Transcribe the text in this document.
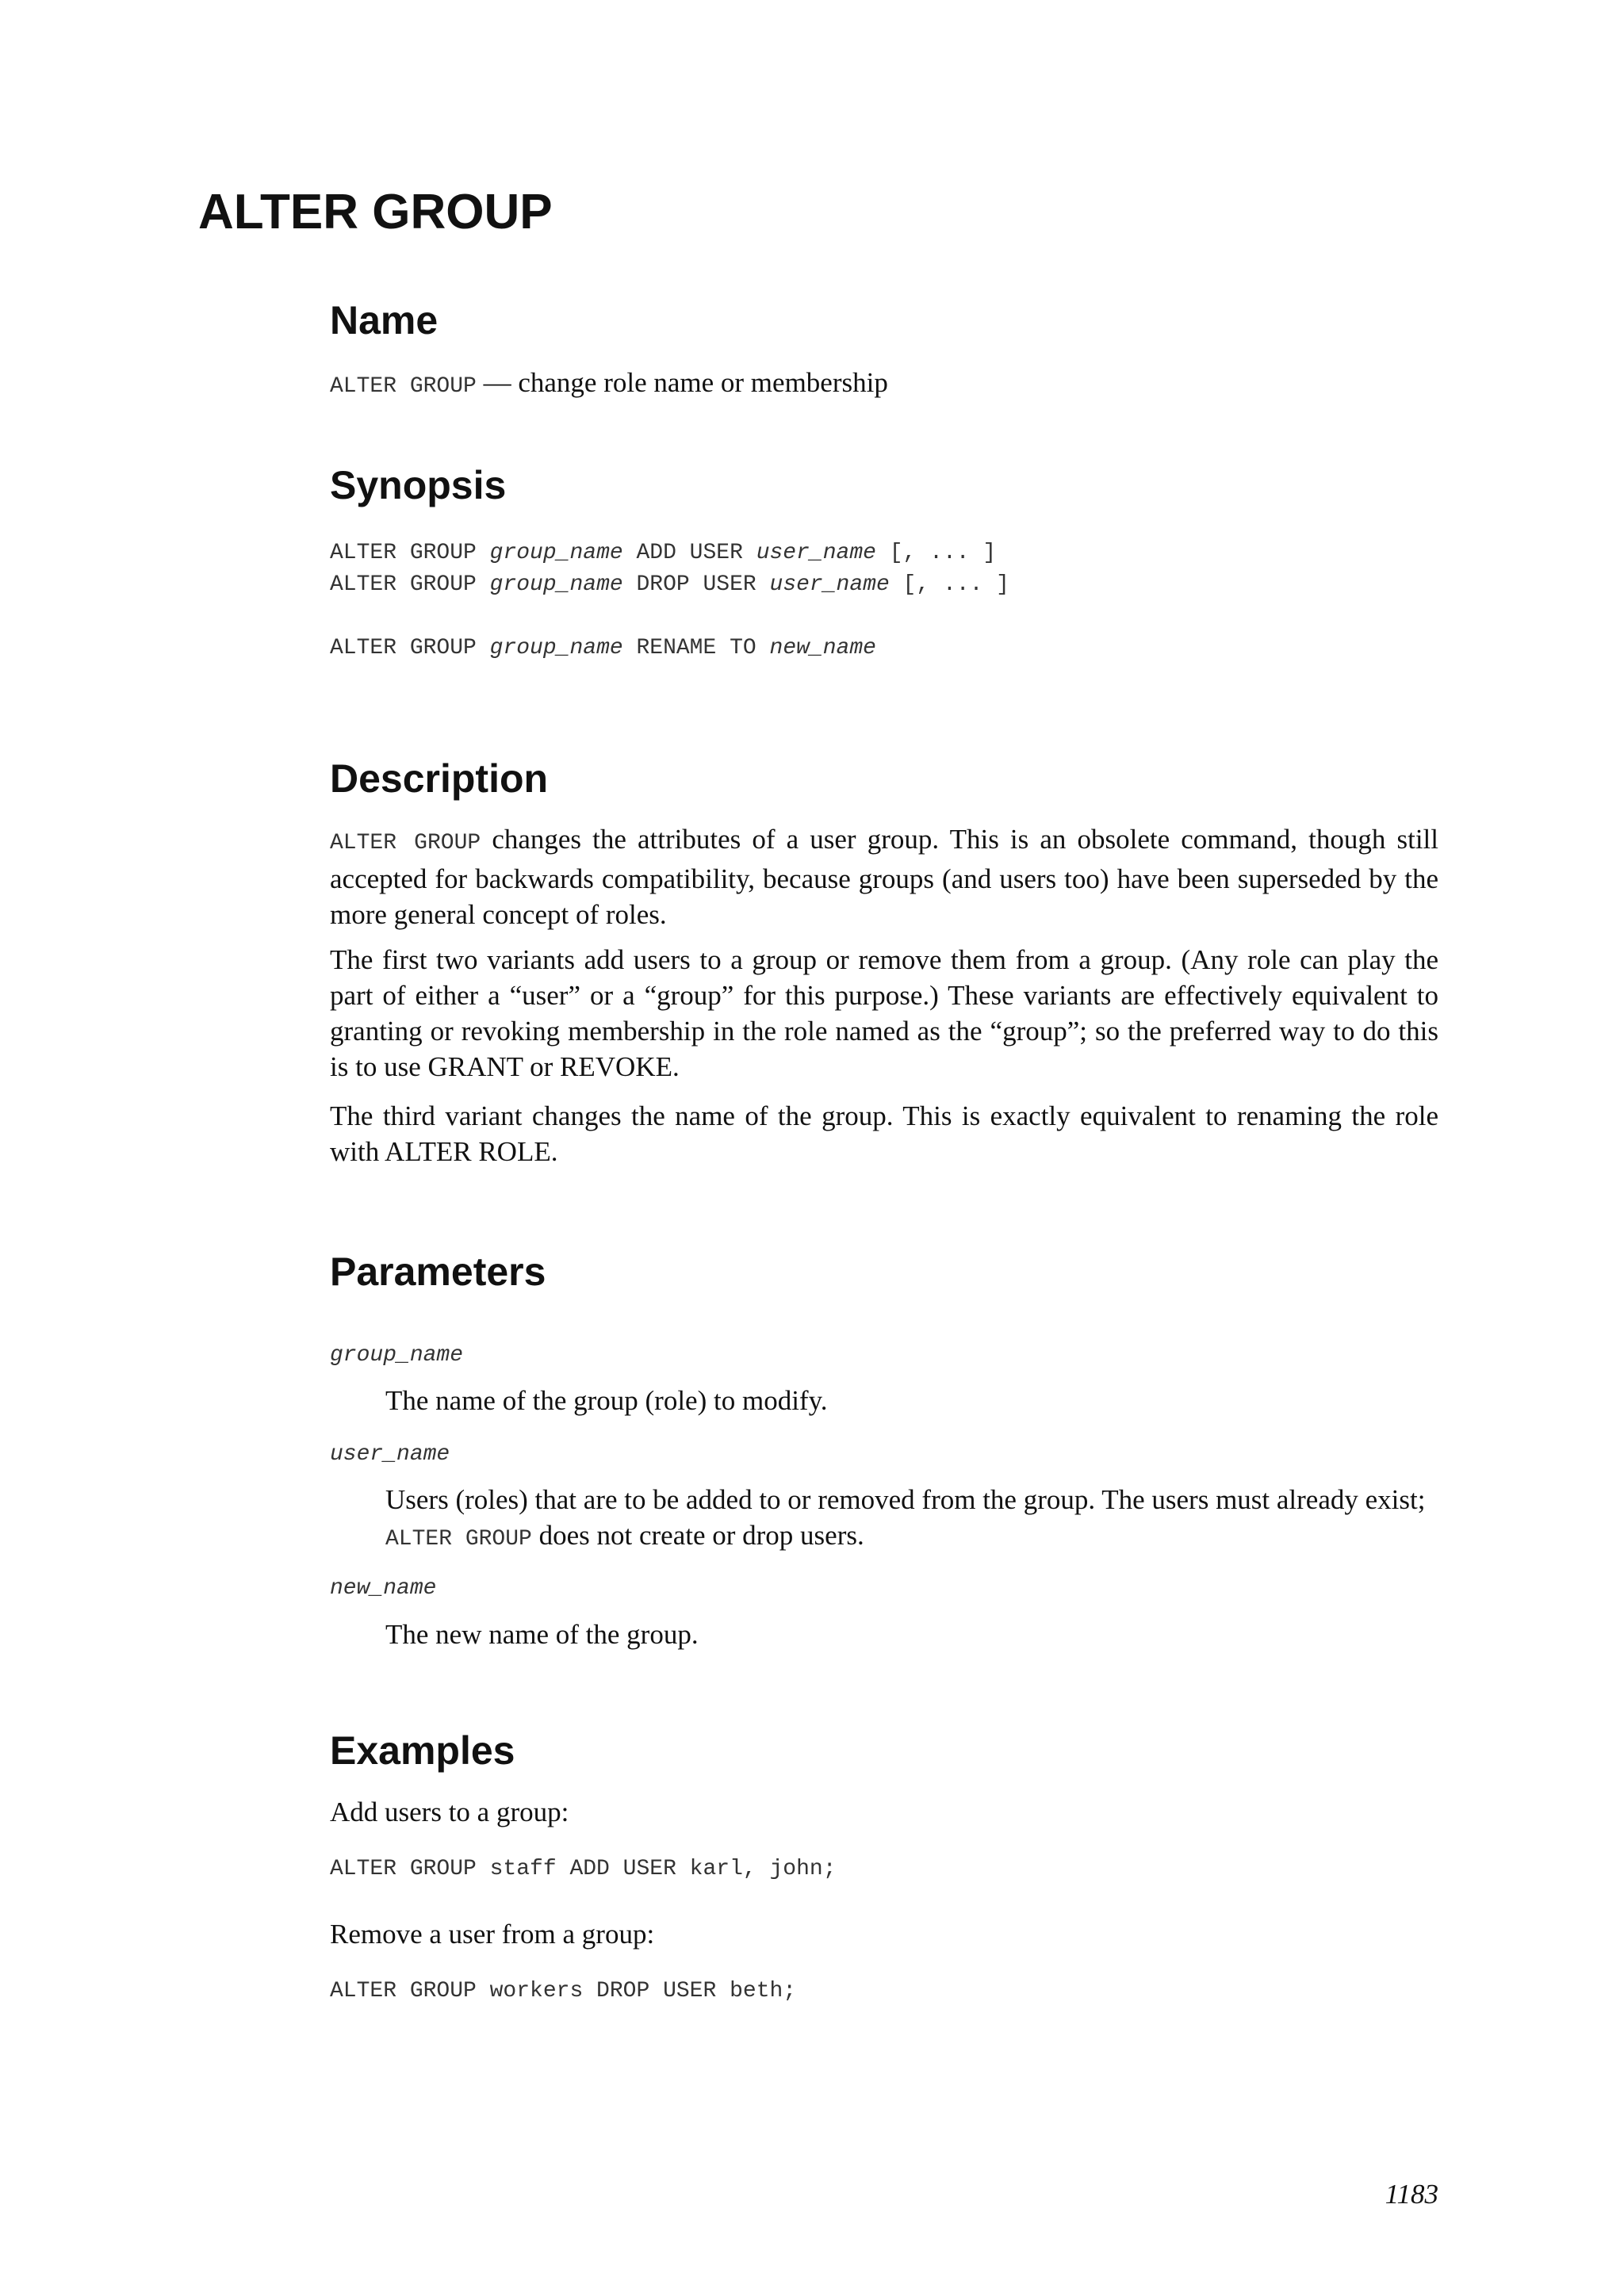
ALTER GROUP
Name

ALTER GROUP — change role name or membership

Synopsis

ALTER GROUP group_name ADD USER user_name [, ... ]

ALTER GROUP group_name DROP USER user_name [, ... ]

ALTER GROUP group_name RENAME TO new_name

Description

ALTER GROUP changes the attributes of a user group. This is an obsolete command, though still accepted for backwards compatibility, because groups (and users too) have been superseded by the more general concept of roles.

The first two variants add users to a group or remove them from a group. (Any role can play the part of either a “user” or a “group” for this purpose.) These variants are effectively equivalent to granting or revoking membership in the role named as the “group”; so the preferred way to do this is to use GRANT or REVOKE.

The third variant changes the name of the group. This is exactly equivalent to renaming the role with ALTER ROLE.

Parameters

group_name

The name of the group (role) to modify.

user_name

Users (roles) that are to be added to or removed from the group. The users must already exist;
ALTER GROUP does not create or drop users.

new_name

The new name of the group.

Examples

Add users to a group:

ALTER GROUP staff ADD USER karl, john;

Remove a user from a group:

ALTER GROUP workers DROP USER beth;

1183
